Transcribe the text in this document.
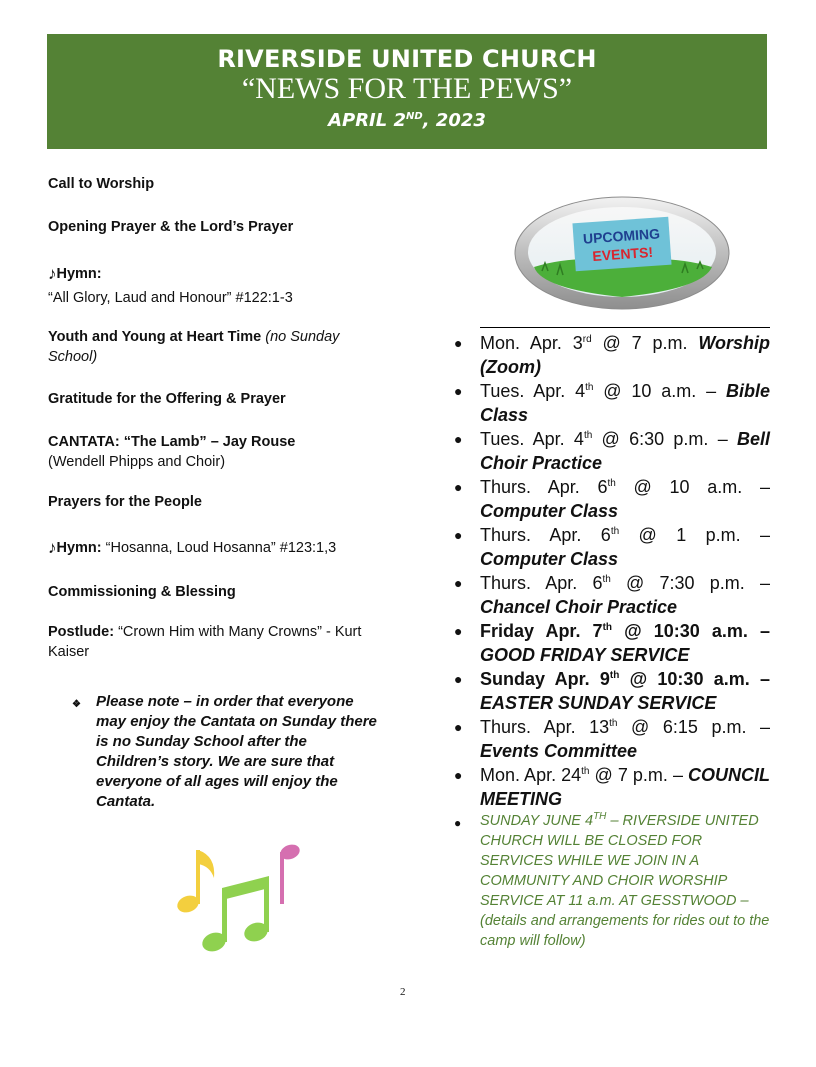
RIVERSIDE UNITED CHURCH
“NEWS FOR THE PEWS”
APRIL 2ND, 2023
Call to Worship
Opening Prayer & the Lord’s Prayer
♪Hymn:
“All Glory, Laud and Honour” #122:1-3
Youth and Young at Heart Time (no Sunday School)
Gratitude for the Offering & Prayer
CANTATA: “The Lamb” – Jay Rouse
(Wendell Phipps and Choir)
Prayers for the People
♪Hymn: “Hosanna, Loud Hosanna” #123:1,3
Commissioning & Blessing
Postlude: “Crown Him with Many Crowns” - Kurt Kaiser
❖ Please note – in order that everyone may enjoy the Cantata on Sunday there is no Sunday School after the Children’s story. We are sure that everyone of all ages will enjoy the Cantata.
UPCOMING
EVENTS!
● Mon. Apr. 3rd @ 7 p.m. Worship (Zoom)
● Tues. Apr. 4th @ 10 a.m. – Bible Class
● Tues. Apr. 4th @ 6:30 p.m. – Bell Choir Practice
● Thurs. Apr. 6th @ 10 a.m. – Computer Class
● Thurs. Apr. 6th @ 1 p.m. – Computer Class
● Thurs. Apr. 6th @ 7:30 p.m. – Chancel Choir Practice
● Friday Apr. 7th @ 10:30 a.m. – GOOD FRIDAY SERVICE
● Sunday Apr. 9th @ 10:30 a.m. – EASTER SUNDAY SERVICE
● Thurs. Apr. 13th @ 6:15 p.m. – Events Committee
● Mon. Apr. 24th @ 7 p.m. – COUNCIL MEETING
● SUNDAY JUNE 4TH – RIVERSIDE UNITED CHURCH WILL BE CLOSED FOR SERVICES WHILE WE JOIN IN A COMMUNITY AND CHOIR WORSHIP SERVICE AT 11 a.m. AT GESSTWOOD – (details and arrangements for rides out to the camp will follow)
2
